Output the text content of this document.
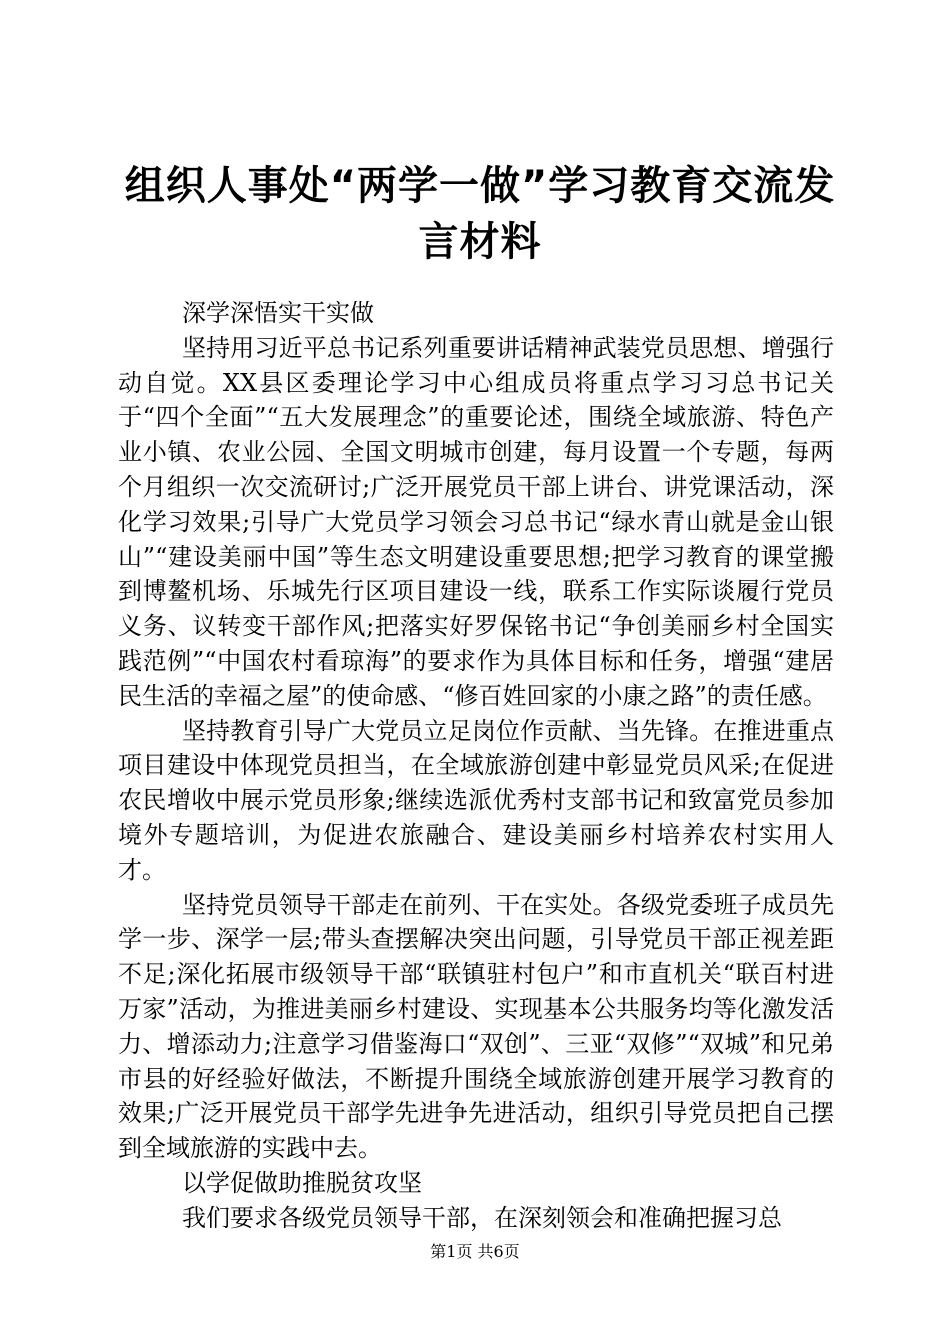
组织人事处“两学一做”学习教育交流发言材料

深学深悟实干实做

坚持用习近平总书记系列重要讲话精神武装党员思想、增强行动自觉。XX县区委理论学习中心组成员将重点学习习总书记关于“四个全面”“五大发展理念”的重要论述，围绕全域旅游、特色产业小镇、农业公园、全国文明城市创建，每月设置一个专题，每两个月组织一次交流研讨;广泛开展党员干部上讲台、讲党课活动，深化学习效果;引导广大党员学习领会习总书记“绿水青山就是金山银山”“建设美丽中国”等生态文明建设重要思想;把学习教育的课堂搬到博鳌机场、乐城先行区项目建设一线，联系工作实际谈履行党员义务、议转变干部作风;把落实好罗保铭书记“争创美丽乡村全国实践范例”“中国农村看琼海”的要求作为具体目标和任务，增强“建居民生活的幸福之屋”的使命感、“修百姓回家的小康之路”的责任感。

坚持教育引导广大党员立足岗位作贡献、当先锋。在推进重点项目建设中体现党员担当，在全域旅游创建中彰显党员风采;在促进农民增收中展示党员形象;继续选派优秀村支部书记和致富党员参加境外专题培训，为促进农旅融合、建设美丽乡村培养农村实用人才。

坚持党员领导干部走在前列、干在实处。各级党委班子成员先学一步、深学一层;带头查摆解决突出问题，引导党员干部正视差距不足;深化拓展市级领导干部“联镇驻村包户”和市直机关“联百村进万家”活动，为推进美丽乡村建设、实现基本公共服务均等化激发活力、增添动力;注意学习借鉴海口“双创”、三亚“双修”“双城”和兄弟市县的好经验好做法，不断提升围绕全域旅游创建开展学习教育的效果;广泛开展党员干部学先进争先进活动，组织引导党员把自己摆到全域旅游的实践中去。

以学促做助推脱贫攻坚

我们要求各级党员领导干部，在深刻领会和准确把握习总

第1页 共6页
